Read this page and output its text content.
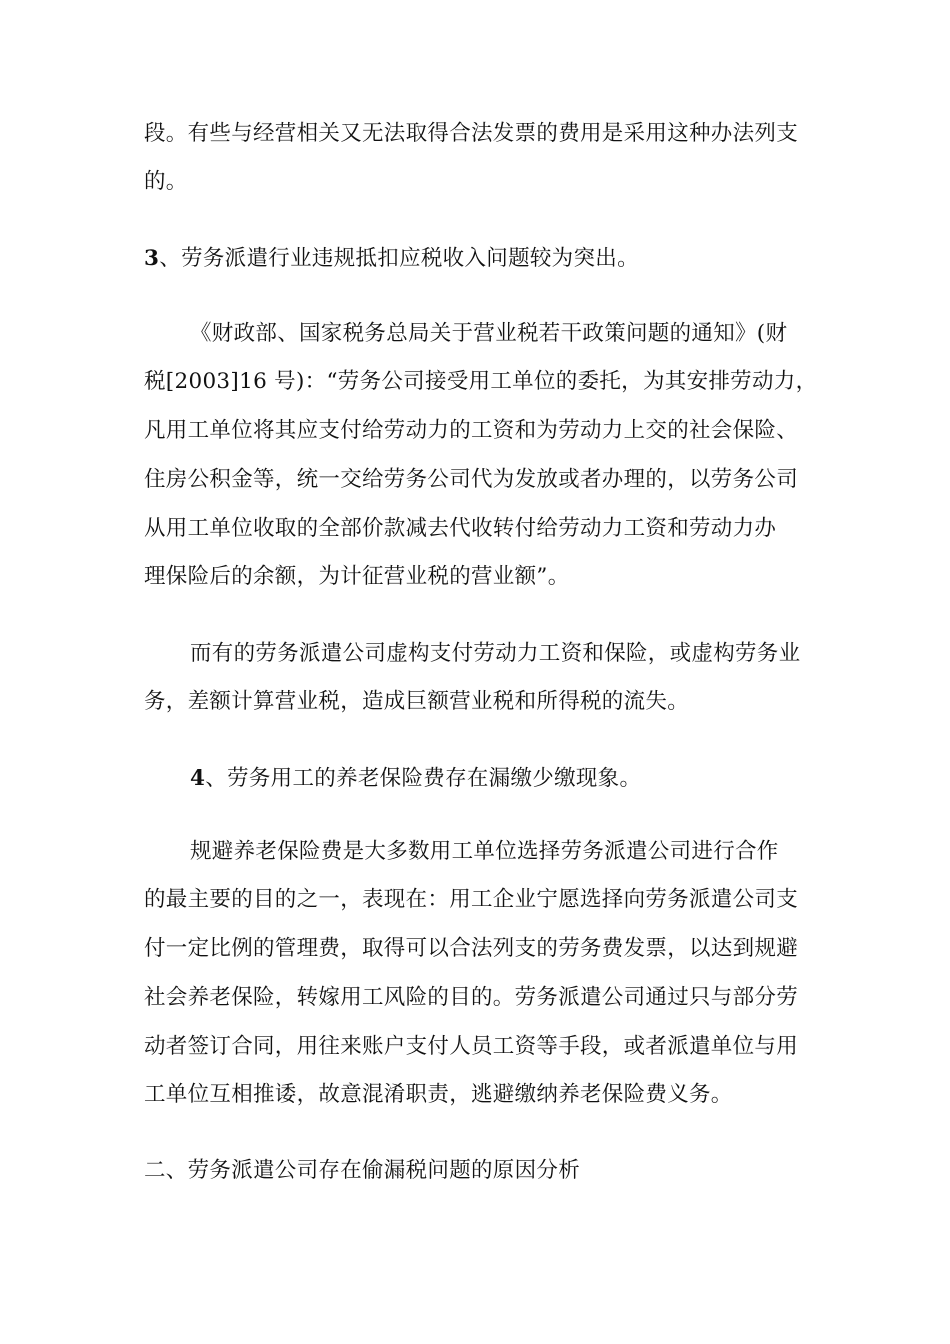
段。有些与经营相关又无法取得合法发票的费用是采用这种办法列支
的。
3、劳务派遣行业违规抵扣应税收入问题较为突出。
《财政部、国家税务总局关于营业税若干政策问题的通知》(财
税[2003]16 号)：“劳务公司接受用工单位的委托，为其安排劳动力，
凡用工单位将其应支付给劳动力的工资和为劳动力上交的社会保险、
住房公积金等，统一交给劳务公司代为发放或者办理的，以劳务公司
从用工单位收取的全部价款减去代收转付给劳动力工资和劳动力办
理保险后的余额，为计征营业税的营业额”。
而有的劳务派遣公司虚构支付劳动力工资和保险，或虚构劳务业
务，差额计算营业税，造成巨额营业税和所得税的流失。
4、劳务用工的养老保险费存在漏缴少缴现象。
规避养老保险费是大多数用工单位选择劳务派遣公司进行合作
的最主要的目的之一，表现在：用工企业宁愿选择向劳务派遣公司支
付一定比例的管理费，取得可以合法列支的劳务费发票，以达到规避
社会养老保险，转嫁用工风险的目的。劳务派遣公司通过只与部分劳
动者签订合同，用往来账户支付人员工资等手段，或者派遣单位与用
工单位互相推诿，故意混淆职责，逃避缴纳养老保险费义务。
二、劳务派遣公司存在偷漏税问题的原因分析
